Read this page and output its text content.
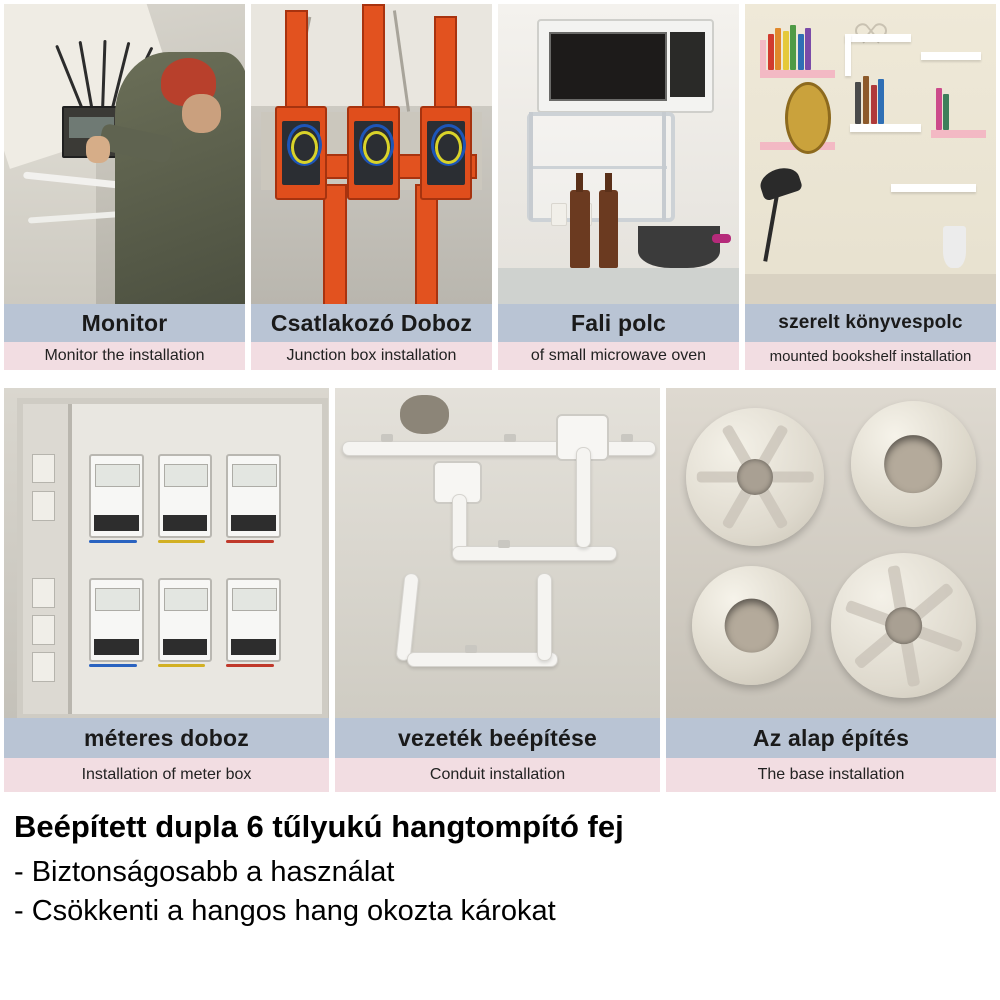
Monitor
Monitor the installation
Csatlakozó Doboz
Junction box installation
Fali polc
of small microwave oven
szerelt könyvespolc
mounted bookshelf installation
méteres doboz
Installation of meter box
vezeték beépítése
Conduit installation
Az alap építés
The base installation
Beépített dupla 6 tűlyukú hangtompító fej
- Biztonságosabb a használat
- Csökkenti a hangos hang okozta károkat
